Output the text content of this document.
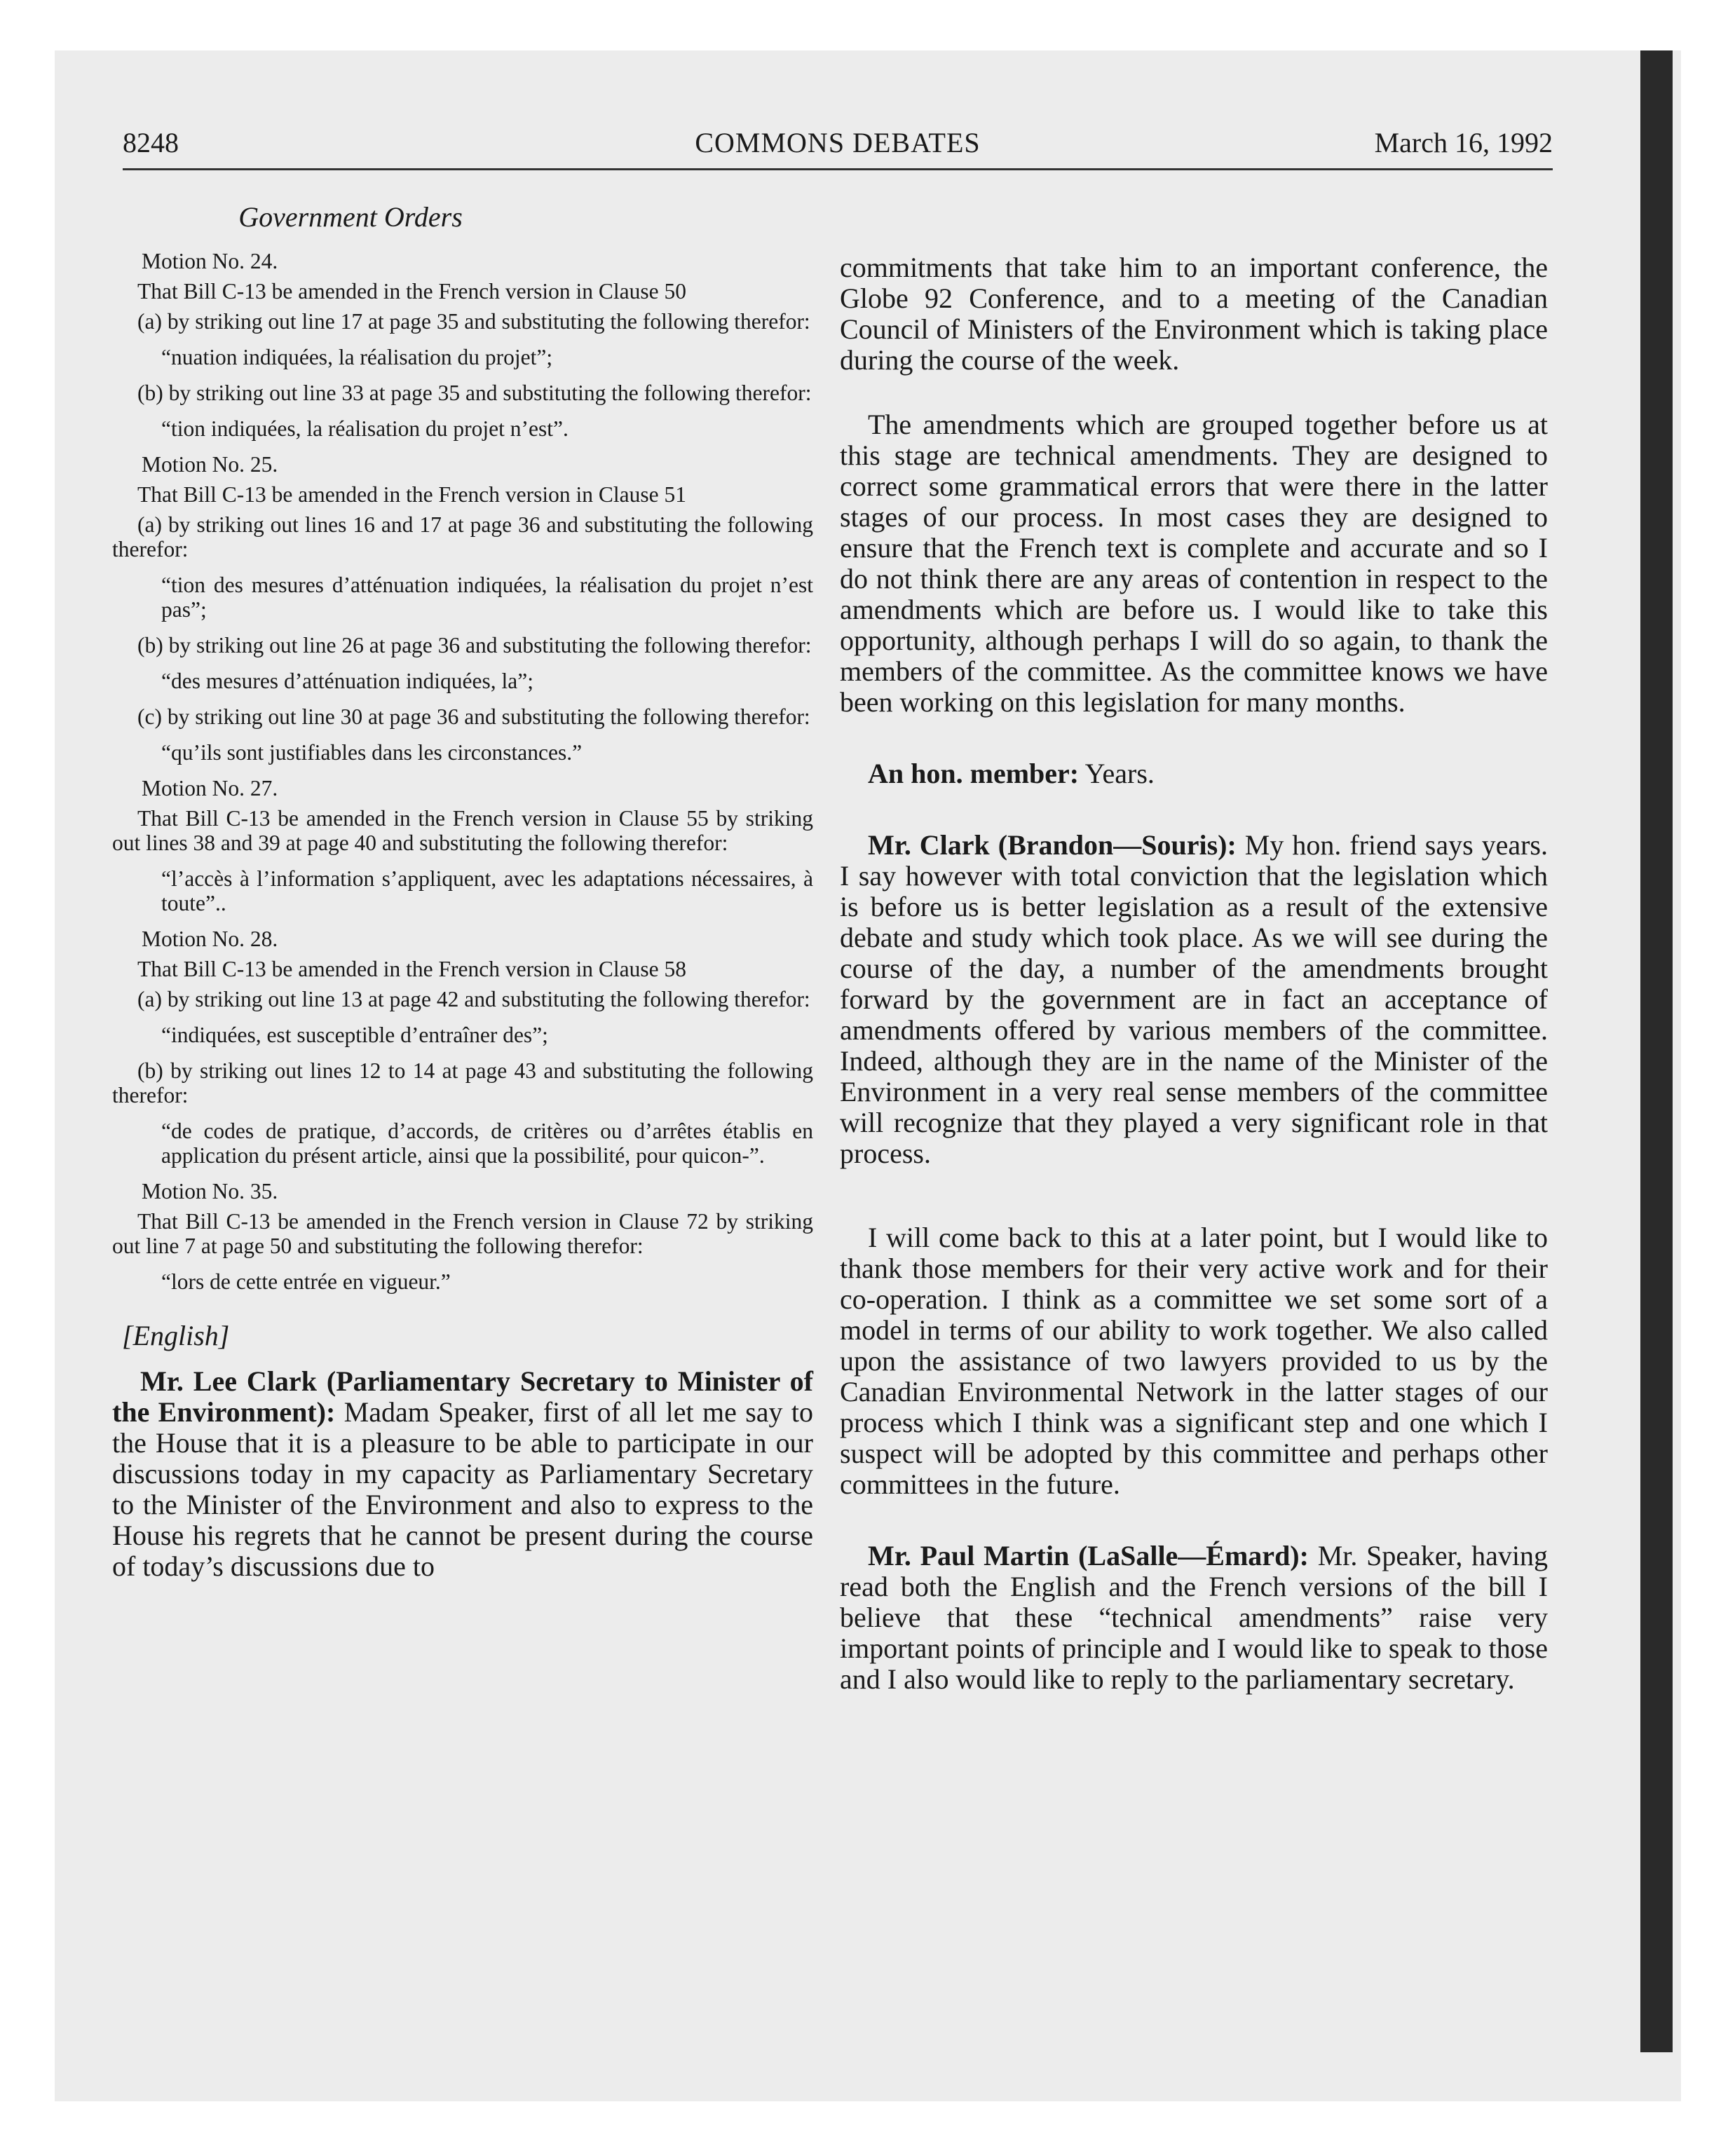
8248	COMMONS DEBATES	March 16, 1992
Government Orders

Motion No. 24.

That Bill C-13 be amended in the French version in Clause 50

(a) by striking out line 17 at page 35 and substituting the following therefor:

“nuation indiquées, la réalisation du projet”;

(b) by striking out line 33 at page 35 and substituting the following therefor:

“tion indiquées, la réalisation du projet n’est”.

Motion No. 25.

That Bill C-13 be amended in the French version in Clause 51

(a) by striking out lines 16 and 17 at page 36 and substituting the following therefor:

“tion des mesures d’atténuation indiquées, la réalisation du projet n’est pas”;

(b) by striking out line 26 at page 36 and substituting the following therefor:

“des mesures d’atténuation indiquées, la”;

(c) by striking out line 30 at page 36 and substituting the following therefor:

“qu’ils sont justifiables dans les circonstances.”

Motion No. 27.

That Bill C-13 be amended in the French version in Clause 55 by striking out lines 38 and 39 at page 40 and substituting the following therefor:

“l’accès à l’information s’appliquent, avec les adaptations nécessaires, à toute”..

Motion No. 28.

That Bill C-13 be amended in the French version in Clause 58

(a) by striking out line 13 at page 42 and substituting the following therefor:

“indiquées, est susceptible d’entraîner des”;

(b) by striking out lines 12 to 14 at page 43 and substituting the following therefor:

“de codes de pratique, d’accords, de critères ou d’arrêtes établis en application du présent article, ainsi que la possibilité, pour quicon-”.

Motion No. 35.

That Bill C-13 be amended in the French version in Clause 72 by striking out line 7 at page 50 and substituting the following therefor:

“lors de cette entrée en vigueur.”

[English]

Mr. Lee Clark (Parliamentary Secretary to Minister of the Environment): Madam Speaker, first of all let me say to the House that it is a pleasure to be able to participate in our discussions today in my capacity as Parliamentary Secretary to the Minister of the Environment and also to express to the House his regrets that he cannot be present during the course of today’s discussions due to

commitments that take him to an important conference, the Globe 92 Conference, and to a meeting of the Canadian Council of Ministers of the Environment which is taking place during the course of the week.

The amendments which are grouped together before us at this stage are technical amendments. They are designed to correct some grammatical errors that were there in the latter stages of our process. In most cases they are designed to ensure that the French text is complete and accurate and so I do not think there are any areas of contention in respect to the amendments which are before us. I would like to take this opportunity, although perhaps I will do so again, to thank the members of the committee. As the committee knows we have been working on this legislation for many months.

An hon. member: Years.

Mr. Clark (Brandon—Souris): My hon. friend says years. I say however with total conviction that the legislation which is before us is better legislation as a result of the extensive debate and study which took place. As we will see during the course of the day, a number of the amendments brought forward by the government are in fact an acceptance of amendments offered by various members of the committee. Indeed, although they are in the name of the Minister of the Environment in a very real sense members of the committee will recognize that they played a very significant role in that process.

I will come back to this at a later point, but I would like to thank those members for their very active work and for their co-operation. I think as a committee we set some sort of a model in terms of our ability to work together. We also called upon the assistance of two lawyers provided to us by the Canadian Environmental Network in the latter stages of our process which I think was a significant step and one which I suspect will be adopted by this committee and perhaps other committees in the future.

Mr. Paul Martin (LaSalle—Émard): Mr. Speaker, having read both the English and the French versions of the bill I believe that these “technical amendments” raise very important points of principle and I would like to speak to those and I also would like to reply to the parliamentary secretary.
